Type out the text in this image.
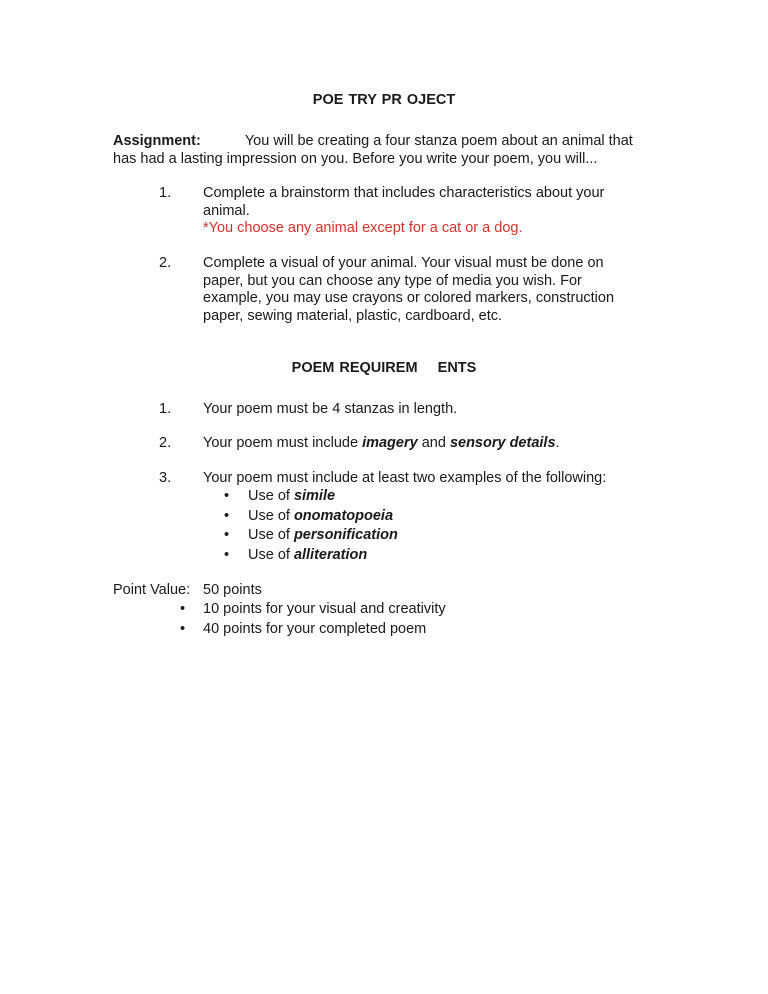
POE TRY PR OJECT
Assignment:	You will be creating a four stanza poem about an animal that
has had a lasting impression on you. Before you write your poem, you will...
1. Complete a brainstorm that includes characteristics about your
animal.
*You choose any animal except for a cat or a dog.
2. Complete a visual of your animal. Your visual must be done on
paper, but you can choose any type of media you wish. For
example, you may use crayons or colored markers, construction
paper, sewing material, plastic, cardboard, etc.
POEM REQUIREM    ENTS
1. Your poem must be 4 stanzas in length.
2. Your poem must include imagery and sensory details.
3. Your poem must include at least two examples of the following:
• Use of simile
• Use of onomatopoeia
• Use of personification
• Use of alliteration
Point Value: 50 points
• 10 points for your visual and creativity
• 40 points for your completed poem
